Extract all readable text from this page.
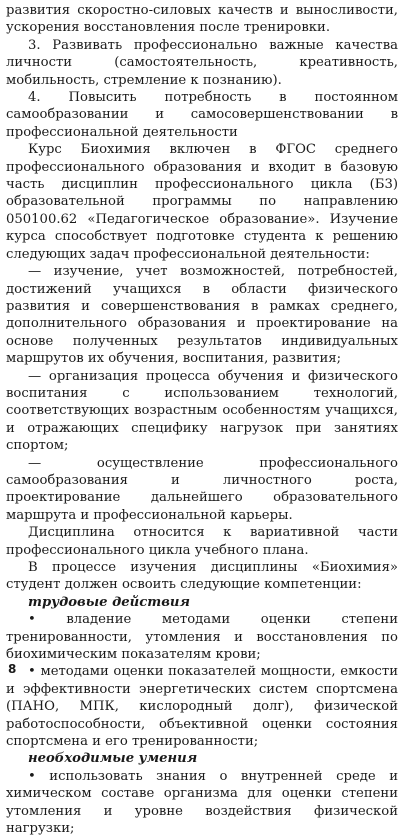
развития скоростно-силовых качеств и выносливости, ускорения восстановления после тренировки.

3. Развивать профессионально важные качества личности (самостоятельность, креативность, мобильность, стремление к познанию).

4. Повысить потребность в постоянном самообразовании и самосовершенствовании в профессиональной деятельности

Курс Биохимия включен в ФГОС среднего профессионального образования и входит в базовую часть дисциплин профессионального цикла (Б3) образовательной программы по направлению 050100.62 «Педагогическое образование». Изучение курса способствует подготовке студента к решению следующих задач профессиональной деятельности:

— изучение, учет возможностей, потребностей, достижений учащихся в области физического развития и совершенствования в рамках среднего, дополнительного образования и проектирование на основе полученных результатов индивидуальных маршрутов их обучения, воспитания, развития;

— организация процесса обучения и физического воспитания с использованием технологий, соответствующих возрастным особенностям учащихся, и отражающих специфику нагрузок при занятиях спортом;

— осуществление профессионального самообразования и личностного роста, проектирование дальнейшего образовательного маршрута и профессиональной карьеры.

Дисциплина относится к вариативной части профессионального цикла учебного плана.

В процессе изучения дисциплины «Биохимия» студент должен освоить следующие компетенции:

трудовые действия

• владение методами оценки степени тренированности, утомления и восстановления по биохимическим показателям крови;

• методами оценки показателей мощности, емкости и эффективности энергетических систем спортсмена (ПАНО, МПК, кислородный долг), физической работоспособности, объективной оценки состояния спортсмена и его тренированности;

необходимые умения

• использовать знания о внутренней среде и химическом составе организма для оценки степени утомления и уровне воздействия физической нагрузки;

8
